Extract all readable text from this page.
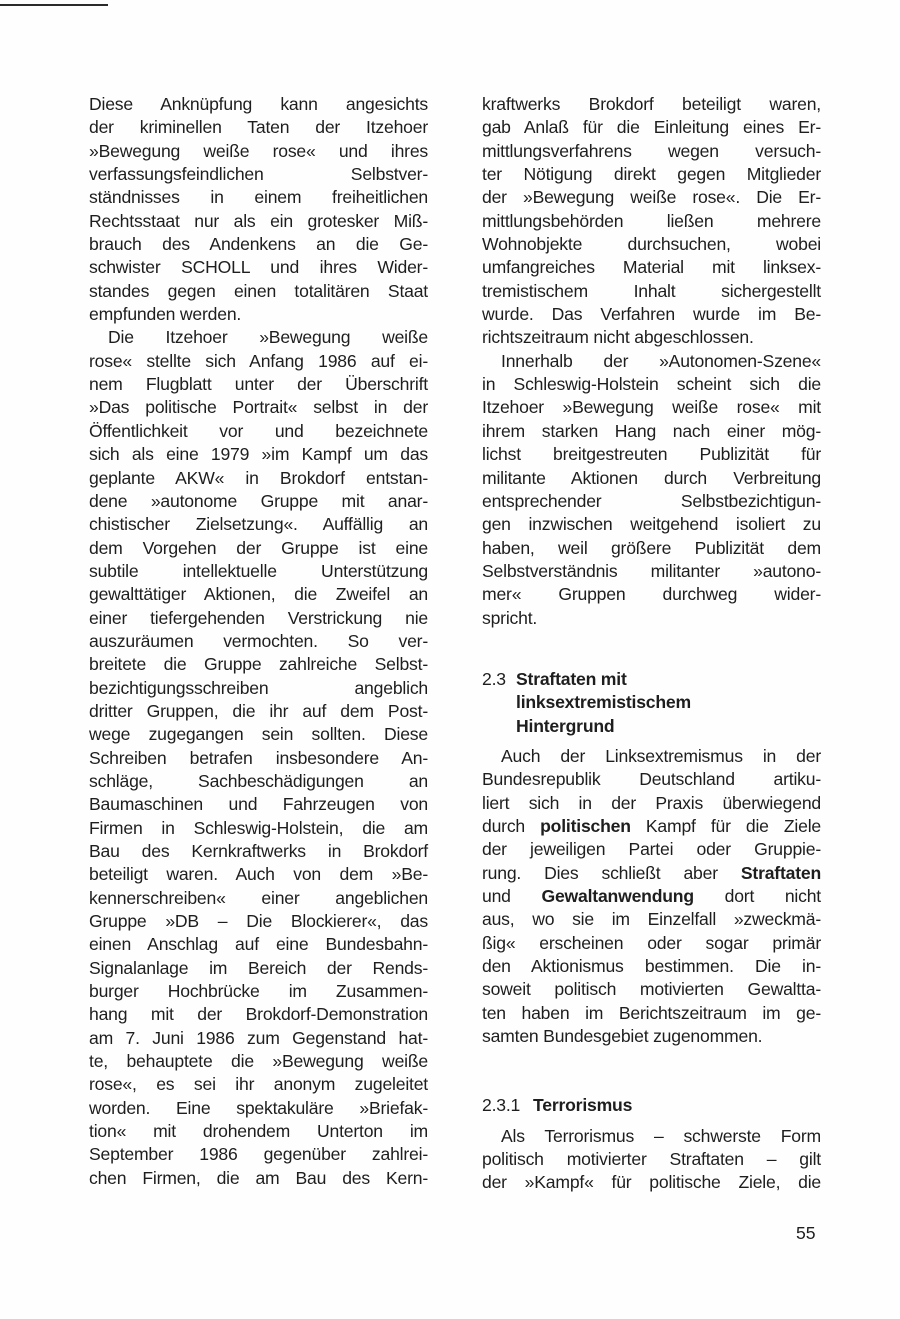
Diese Anknüpfung kann angesichts
der kriminellen Taten der Itzehoer
»Bewegung weiße rose« und ihres
verfassungsfeindlichen Selbstver-
ständnisses in einem freiheitlichen
Rechtsstaat nur als ein grotesker Miß-
brauch des Andenkens an die Ge-
schwister SCHOLL und ihres Wider-
standes gegen einen totalitären Staat
empfunden werden.
Die Itzehoer »Bewegung weiße
rose« stellte sich Anfang 1986 auf ei-
nem Flugblatt unter der Überschrift
»Das politische Portrait« selbst in der
Öffentlichkeit vor und bezeichnete
sich als eine 1979 »im Kampf um das
geplante AKW« in Brokdorf entstan-
dene »autonome Gruppe mit anar-
chistischer Zielsetzung«. Auffällig an
dem Vorgehen der Gruppe ist eine
subtile intellektuelle Unterstützung
gewalttätiger Aktionen, die Zweifel an
einer tiefergehenden Verstrickung nie
auszuräumen vermochten. So ver-
breitete die Gruppe zahlreiche Selbst-
bezichtigungsschreiben angeblich
dritter Gruppen, die ihr auf dem Post-
wege zugegangen sein sollten. Diese
Schreiben betrafen insbesondere An-
schläge, Sachbeschädigungen an
Baumaschinen und Fahrzeugen von
Firmen in Schleswig-Holstein, die am
Bau des Kernkraftwerks in Brokdorf
beteiligt waren. Auch von dem »Be-
kennerschreiben« einer angeblichen
Gruppe »DB – Die Blockierer«, das
einen Anschlag auf eine Bundesbahn-
Signalanlage im Bereich der Rends-
burger Hochbrücke im Zusammen-
hang mit der Brokdorf-Demonstration
am 7. Juni 1986 zum Gegenstand hat-
te, behauptete die »Bewegung weiße
rose«, es sei ihr anonym zugeleitet
worden. Eine spektakuläre »Briefak-
tion« mit drohendem Unterton im
September 1986 gegenüber zahlrei-
chen Firmen, die am Bau des Kern-
kraftwerks Brokdorf beteiligt waren,
gab Anlaß für die Einleitung eines Er-
mittlungsverfahrens wegen versuch-
ter Nötigung direkt gegen Mitglieder
der »Bewegung weiße rose«. Die Er-
mittlungsbehörden ließen mehrere
Wohnobjekte durchsuchen, wobei
umfangreiches Material mit linksex-
tremistischem Inhalt sichergestellt
wurde. Das Verfahren wurde im Be-
richtszeitraum nicht abgeschlossen.
Innerhalb der »Autonomen-Szene«
in Schleswig-Holstein scheint sich die
Itzehoer »Bewegung weiße rose« mit
ihrem starken Hang nach einer mög-
lichst breitgestreuten Publizität für
militante Aktionen durch Verbreitung
entsprechender Selbstbezichtigun-
gen inzwischen weitgehend isoliert zu
haben, weil größere Publizität dem
Selbstverständnis militanter »autono-
mer« Gruppen durchweg wider-
spricht.
2.3 Straftaten mit
linksextremistischem
Hintergrund
Auch der Linksextremismus in der
Bundesrepublik Deutschland artiku-
liert sich in der Praxis überwiegend
durch politischen Kampf für die Ziele
der jeweiligen Partei oder Gruppie-
rung. Dies schließt aber Straftaten
und Gewaltanwendung dort nicht
aus, wo sie im Einzelfall »zweckmä-
ßig« erscheinen oder sogar primär
den Aktionismus bestimmen. Die in-
soweit politisch motivierten Gewaltta-
ten haben im Berichtszeitraum im ge-
samten Bundesgebiet zugenommen.
2.3.1 Terrorismus
Als Terrorismus – schwerste Form
politisch motivierter Straftaten – gilt
der »Kampf« für politische Ziele, die
55
